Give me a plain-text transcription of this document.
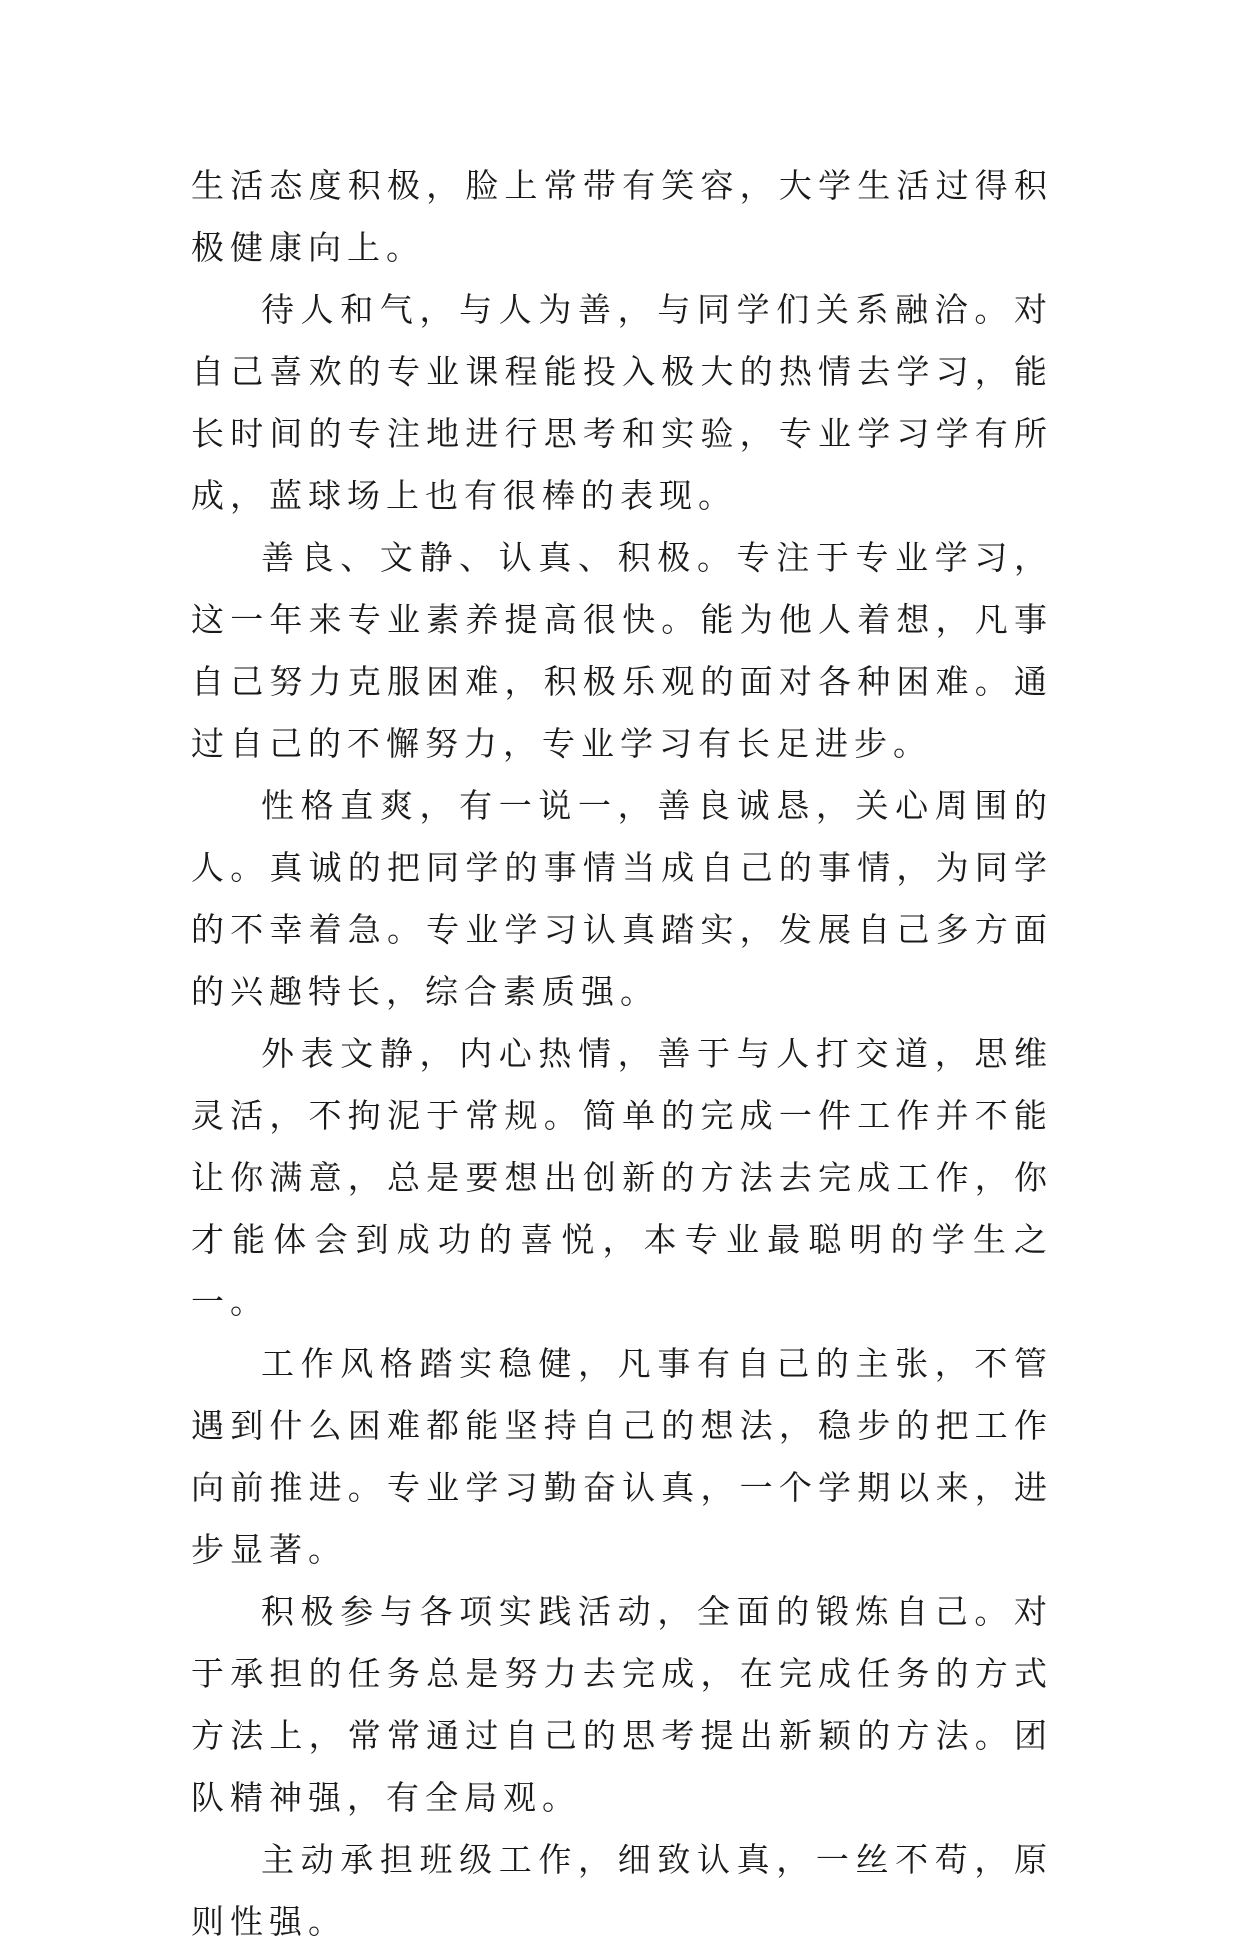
生活态度积极，脸上常带有笑容，大学生活过得积极健康向上。

待人和气，与人为善，与同学们关系融洽。对自己喜欢的专业课程能投入极大的热情去学习，能长时间的专注地进行思考和实验，专业学习学有所成，蓝球场上也有很棒的表现。

善良、文静、认真、积极。专注于专业学习，这一年来专业素养提高很快。能为他人着想，凡事自己努力克服困难，积极乐观的面对各种困难。通过自己的不懈努力，专业学习有长足进步。

性格直爽，有一说一，善良诚恳，关心周围的人。真诚的把同学的事情当成自己的事情，为同学的不幸着急。专业学习认真踏实，发展自己多方面的兴趣特长，综合素质强。

外表文静，内心热情，善于与人打交道，思维灵活，不拘泥于常规。简单的完成一件工作并不能让你满意，总是要想出创新的方法去完成工作，你才能体会到成功的喜悦，本专业最聪明的学生之一。

工作风格踏实稳健，凡事有自己的主张，不管遇到什么困难都能坚持自己的想法，稳步的把工作向前推进。专业学习勤奋认真，一个学期以来，进步显著。

积极参与各项实践活动，全面的锻炼自己。对于承担的任务总是努力去完成，在完成任务的方式方法上，常常通过自己的思考提出新颖的方法。团队精神强，有全局观。

主动承担班级工作，细致认真，一丝不苟，原则性强。
